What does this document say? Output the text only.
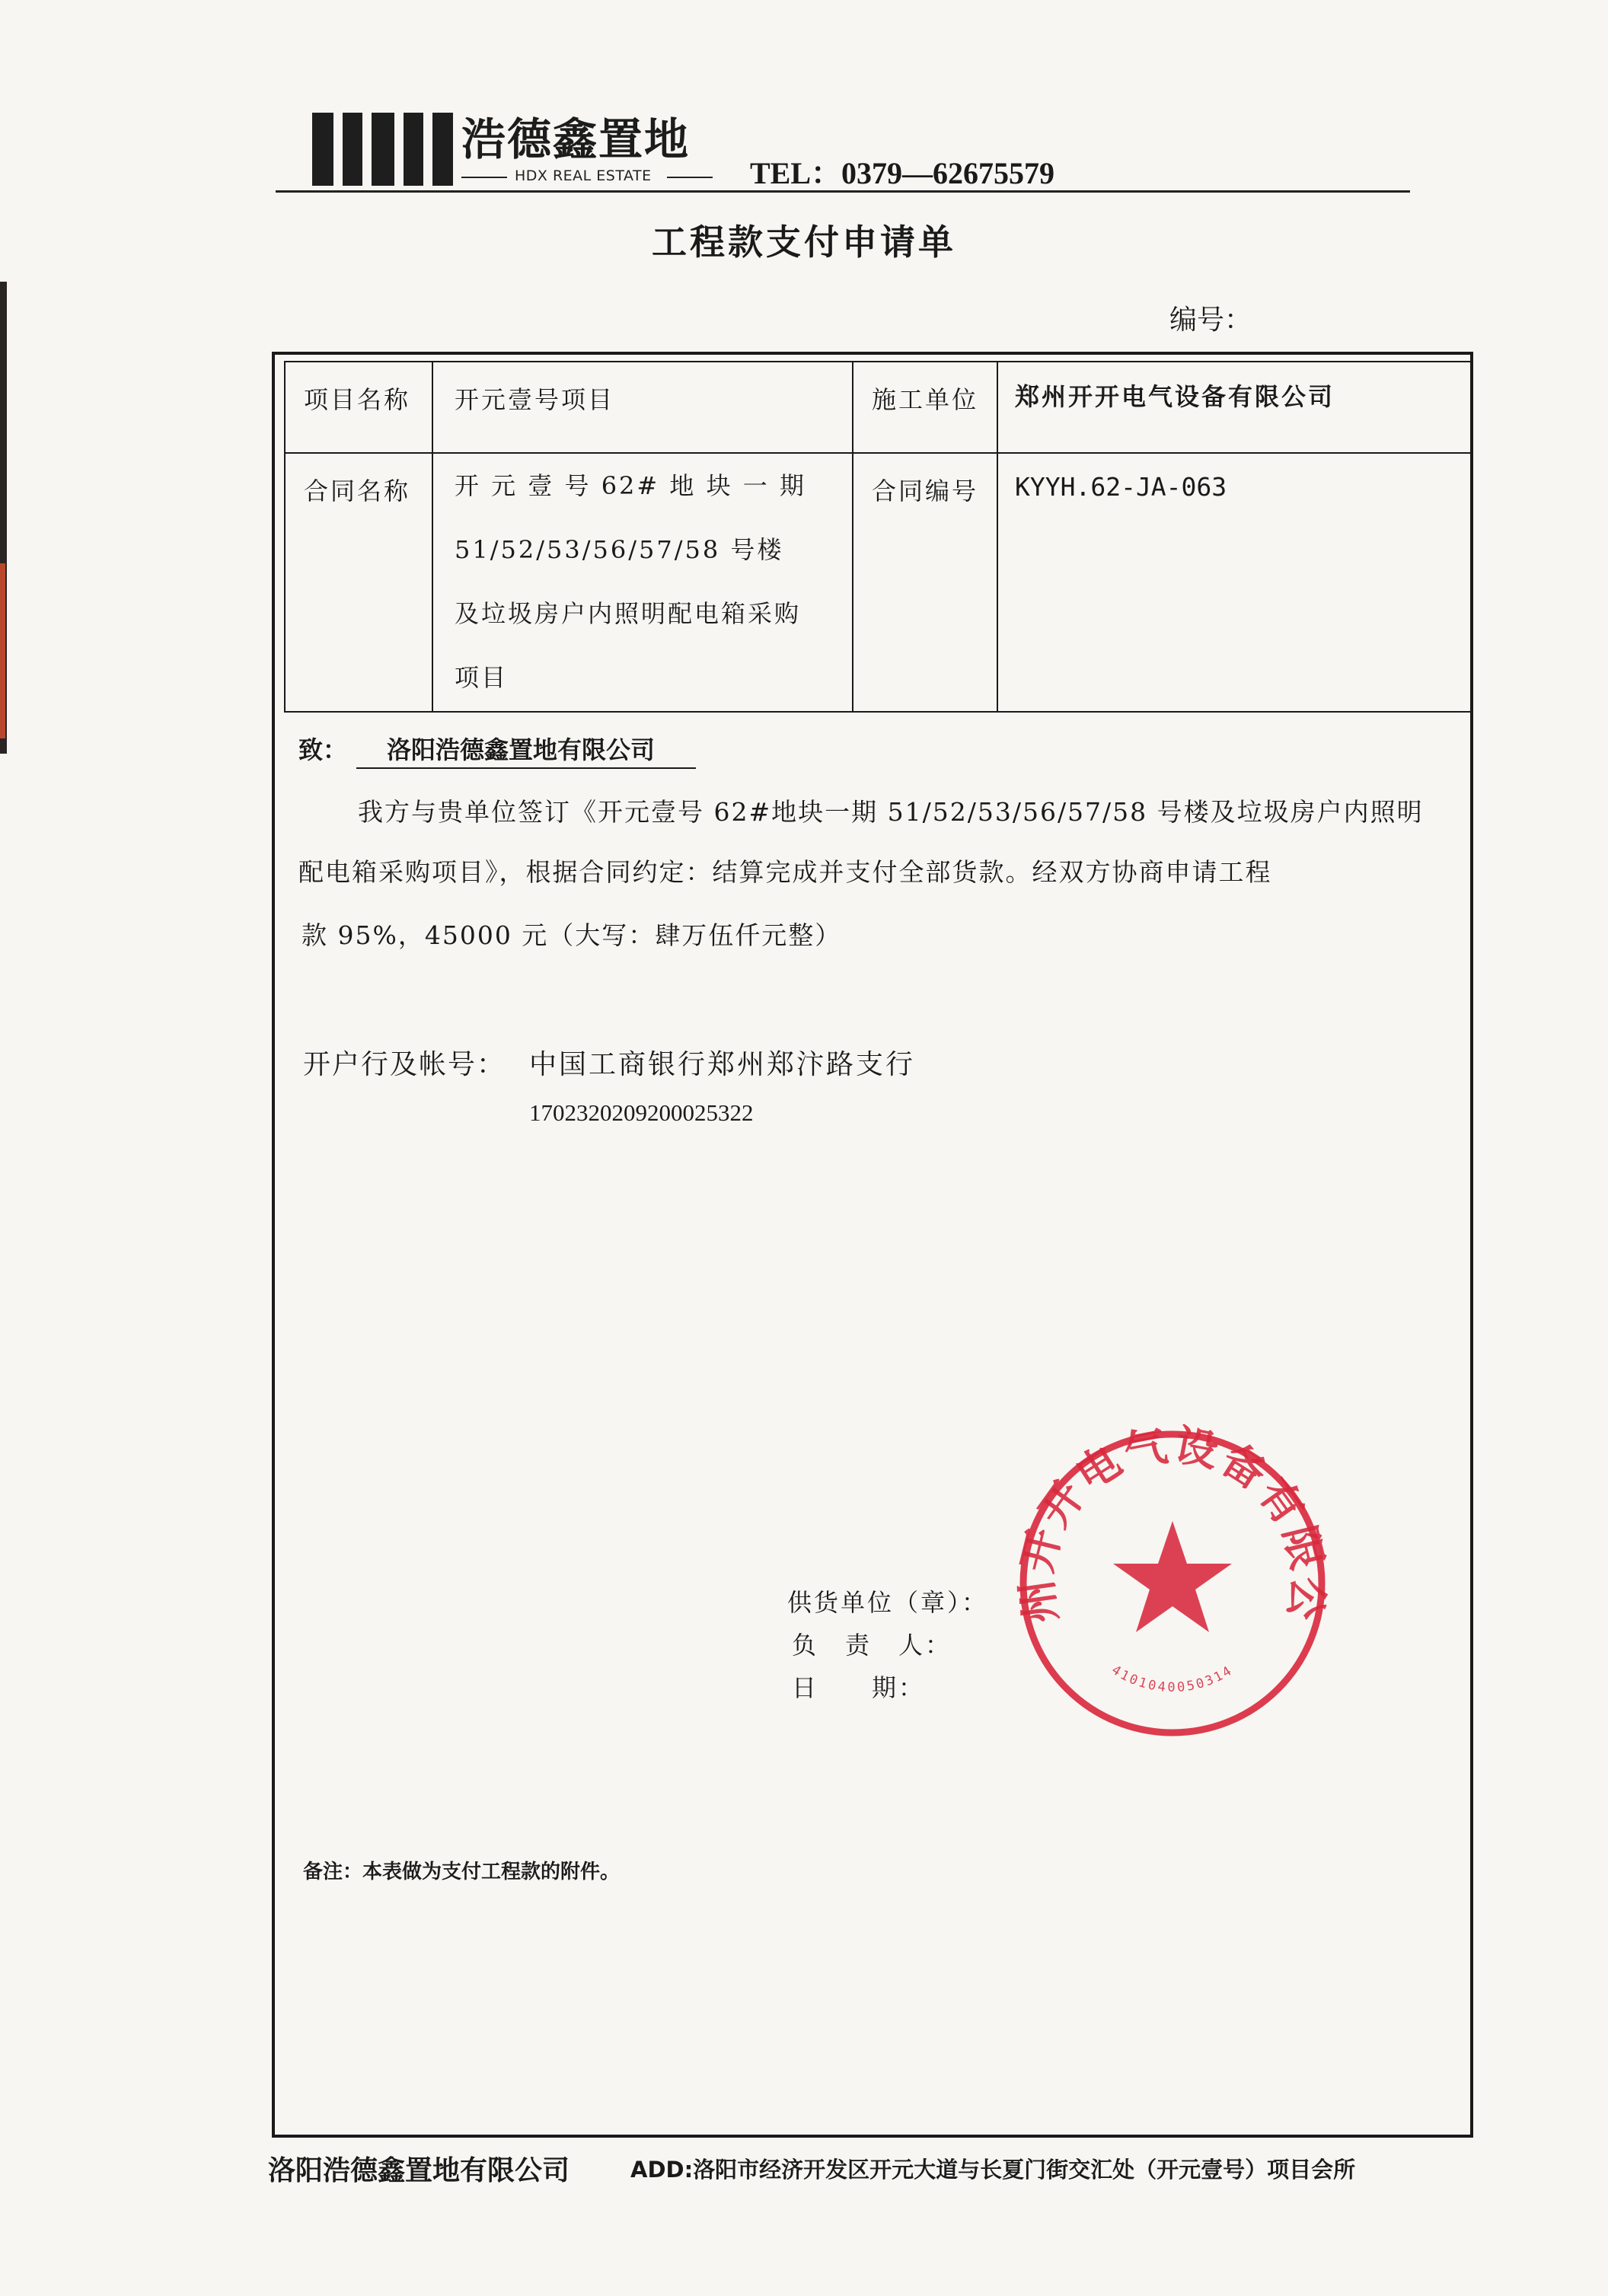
浩德鑫置地
HDX REAL ESTATE	TEL：0379—62675579
工程款支付申请单
编号：
项目名称 开元壹号项目	施工单位 郑州开开电气设备有限公司
合同名称 开 元 壹 号 62# 地 块 一 期
51/52/53/56/57/58 号楼
及垃圾房户内照明配电箱采购
项目
合同编号 KYYH.62-JA-063
致：	洛阳浩德鑫置地有限公司
我方与贵单位签订《开元壹号 62#地块一期 51/52/53/56/57/58 号楼及垃圾房户内照明
配电箱采购项目》，根据合同约定：结算完成并支付全部货款。经双方协商申请工程
款 95%，45000 元（大写：肆万伍仟元整）
开户行及帐号： 中国工商银行郑州郑汴路支行
1702320209200025322
州开开电气设备有限公
4101040050314
供货单位（章）：
负　责　人：
日　　期：
备注：本表做为支付工程款的附件。
洛阳浩德鑫置地有限公司	ADD:洛阳市经济开发区开元大道与长夏门街交汇处（开元壹号）项目会所
